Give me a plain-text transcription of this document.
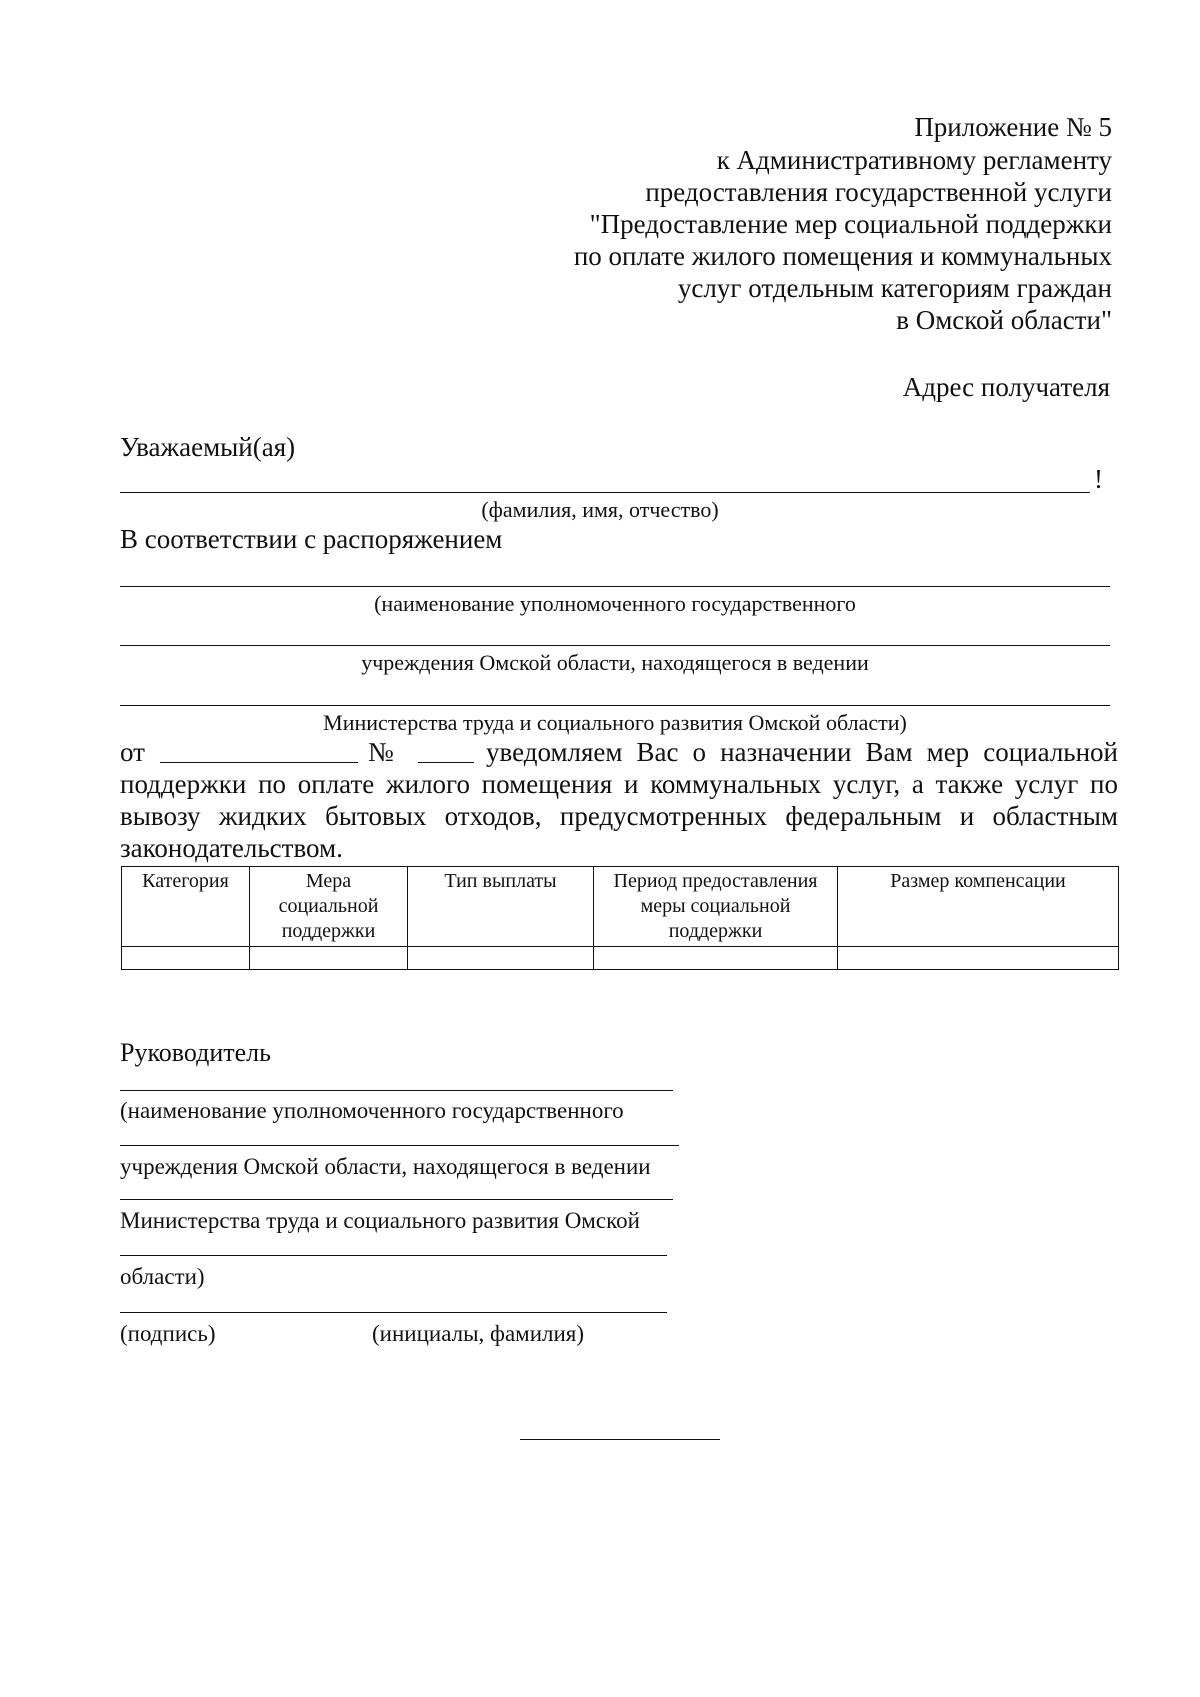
Приложение № 5
к Административному регламенту
предоставления государственной услуги
"Предоставление мер социальной поддержки
по оплате жилого помещения и коммунальных
услуг отдельным категориям граждан
в Омской области"
Адрес получателя
Уважаемый(ая)
!
(фамилия, имя, отчество)
В соответствии с распоряжением
(наименование уполномоченного государственного
учреждения Омской области, находящегося в ведении
Министерства труда и социального развития Омской области)
от	№	уведомляем Вас о назначении Вам мер социальной
поддержки по оплате жилого помещения и коммунальных услуг, а также услуг по
вывозу жидких бытовых отходов, предусмотренных федеральным и областным
законодательством.
Категория	Мера социальной поддержки	Тип выплаты	Период предоставления меры социальной поддержки	Размер компенсации

Руководитель
(наименование уполномоченного государственного
учреждения Омской области, находящегося в ведении
Министерства труда и социального развития Омской
области)
(подпись)	(инициалы, фамилия)
